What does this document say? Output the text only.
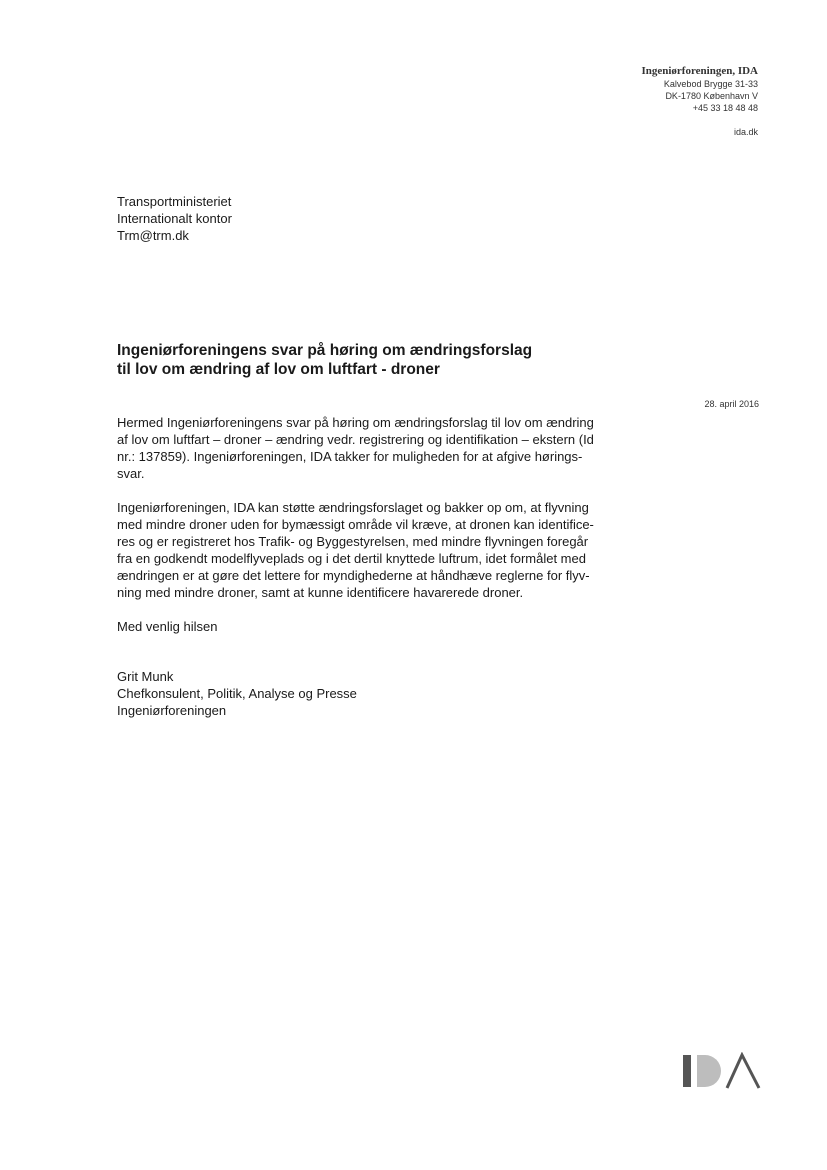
Ingeniørforeningen, IDA
Kalvebod Brygge 31-33
DK-1780 København V
+45 33 18 48 48
ida.dk
Transportministeriet
Internationalt kontor
Trm@trm.dk
Ingeniørforeningens svar på høring om ændringsforslag
til lov om ændring af lov om luftfart - droner
28. april 2016

Hermed Ingeniørforeningens svar på høring om ændringsforslag til lov om ændring
af lov om luftfart – droner – ændring vedr. registrering og identifikation – ekstern (Id
nr.: 137859). Ingeniørforeningen, IDA takker for muligheden for at afgive hørings-
svar.

Ingeniørforeningen, IDA kan støtte ændringsforslaget og bakker op om, at flyvning
med mindre droner uden for bymæssigt område vil kræve, at dronen kan identifice-
res og er registreret hos Trafik- og Byggestyrelsen, med mindre flyvningen foregår
fra en godkendt modelflyveplads og i det dertil knyttede luftrum, idet formålet med
ændringen er at gøre det lettere for myndighederne at håndhæve reglerne for flyv-
ning med mindre droner, samt at kunne identificere havarerede droner.

Med venlig hilsen

Grit Munk
Chefkonsulent, Politik, Analyse og Presse
Ingeniørforeningen
